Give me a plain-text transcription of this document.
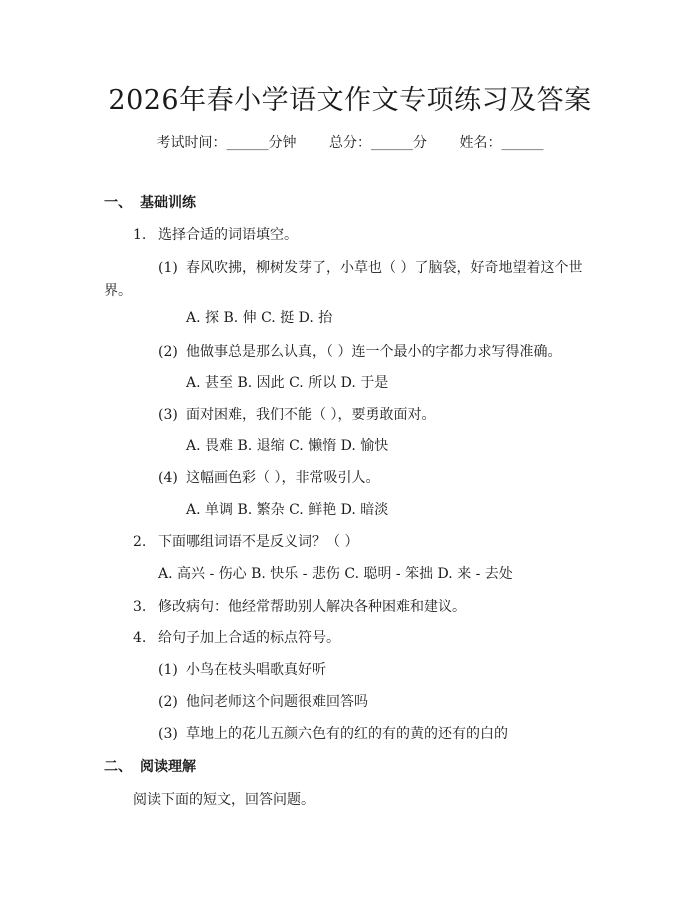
2026年春小学语文作文专项练习及答案
考试时间：______分钟 总分：______分 姓名：______
一、 基础训练
1. 选择合适的词语填空。
(1) 春风吹拂，柳树发芽了，小草也（ ）了脑袋，好奇地望着这个世
界。
A. 探 B. 伸 C. 挺 D. 抬
(2) 他做事总是那么认真，（ ）连一个最小的字都力求写得准确。
A. 甚至 B. 因此 C. 所以 D. 于是
(3) 面对困难，我们不能（ ），要勇敢面对。
A. 畏难 B. 退缩 C. 懒惰 D. 愉快
(4) 这幅画色彩（ ），非常吸引人。
A. 单调 B. 繁杂 C. 鲜艳 D. 暗淡
2. 下面哪组词语不是反义词？（ ）
A. 高兴 - 伤心 B. 快乐 - 悲伤 C. 聪明 - 笨拙 D. 来 - 去处
3. 修改病句：他经常帮助别人解决各种困难和建议。
4. 给句子加上合适的标点符号。
(1) 小鸟在枝头唱歌真好听
(2) 他问老师这个问题很难回答吗
(3) 草地上的花儿五颜六色有的红的有的黄的还有的白的
二、 阅读理解
阅读下面的短文，回答问题。
